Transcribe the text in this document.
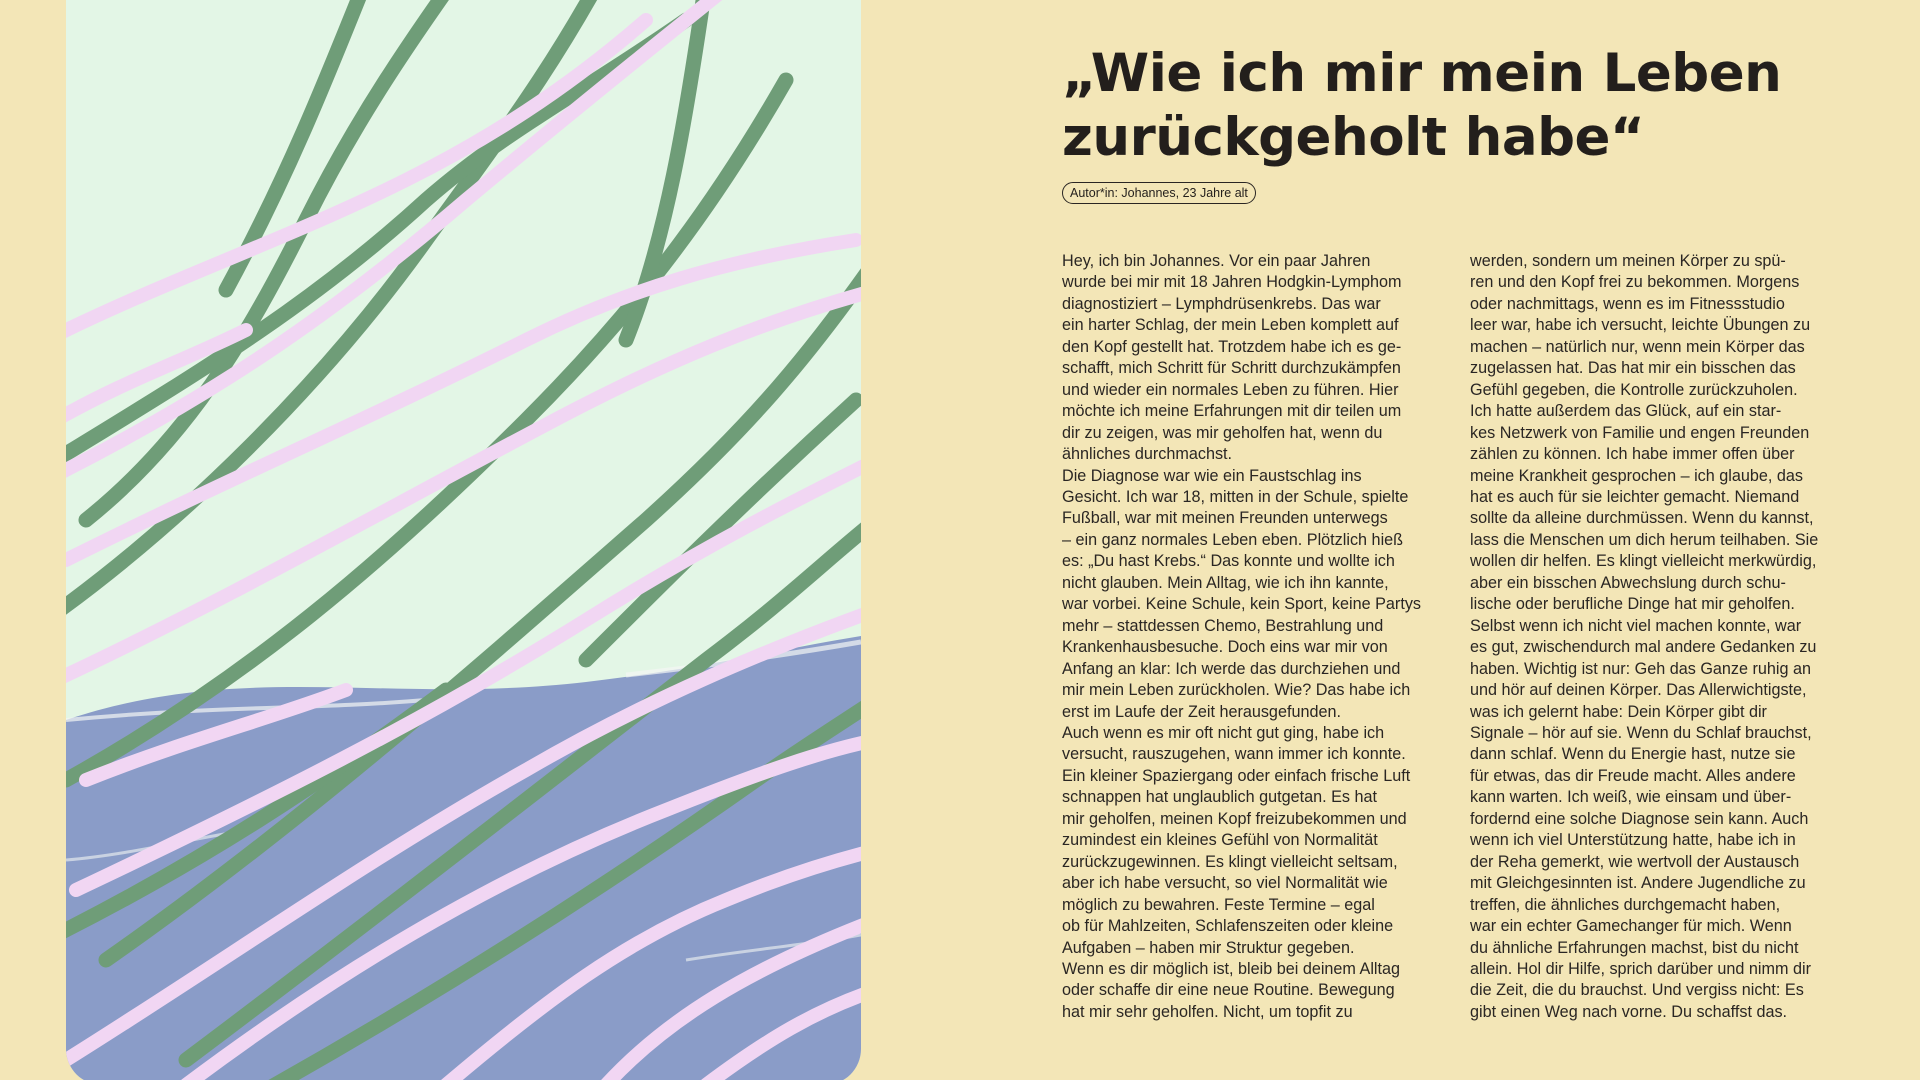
„Wie ich mir mein Leben
zurückgeholt habe“
Autor*in: Johannes, 23 Jahre alt
Hey, ich bin Johannes. Vor ein paar Jahren
wurde bei mir mit 18 Jahren Hodgkin-Lymphom
diagnostiziert – Lymphdrüsenkrebs. Das war
ein harter Schlag, der mein Leben komplett auf
den Kopf gestellt hat. Trotzdem habe ich es ge-
schafft, mich Schritt für Schritt durchzukämpfen
und wieder ein normales Leben zu führen. Hier
möchte ich meine Erfahrungen mit dir teilen um
dir zu zeigen, was mir geholfen hat, wenn du
ähnliches durchmachst.
Die Diagnose war wie ein Faustschlag ins
Gesicht. Ich war 18, mitten in der Schule, spielte
Fußball, war mit meinen Freunden unterwegs
– ein ganz normales Leben eben. Plötzlich hieß
es: „Du hast Krebs.“ Das konnte und wollte ich
nicht glauben. Mein Alltag, wie ich ihn kannte,
war vorbei. Keine Schule, kein Sport, keine Partys
mehr – stattdessen Chemo, Bestrahlung und
Krankenhausbesuche. Doch eins war mir von
Anfang an klar: Ich werde das durchziehen und
mir mein Leben zurückholen. Wie? Das habe ich
erst im Laufe der Zeit herausgefunden.
Auch wenn es mir oft nicht gut ging, habe ich
versucht, rauszugehen, wann immer ich konnte.
Ein kleiner Spaziergang oder einfach frische Luft
schnappen hat unglaublich gutgetan. Es hat
mir geholfen, meinen Kopf freizubekommen und
zumindest ein kleines Gefühl von Normalität
zurückzugewinnen. Es klingt vielleicht seltsam,
aber ich habe versucht, so viel Normalität wie
möglich zu bewahren. Feste Termine – egal
ob für Mahlzeiten, Schlafenszeiten oder kleine
Aufgaben – haben mir Struktur gegeben.
Wenn es dir möglich ist, bleib bei deinem Alltag
oder schaffe dir eine neue Routine. Bewegung
hat mir sehr geholfen. Nicht, um topfit zu
werden, sondern um meinen Körper zu spü-
ren und den Kopf frei zu bekommen. Morgens
oder nachmittags, wenn es im Fitnessstudio
leer war, habe ich versucht, leichte Übungen zu
machen – natürlich nur, wenn mein Körper das
zugelassen hat. Das hat mir ein bisschen das
Gefühl gegeben, die Kontrolle zurückzuholen.
Ich hatte außerdem das Glück, auf ein star-
kes Netzwerk von Familie und engen Freunden
zählen zu können. Ich habe immer offen über
meine Krankheit gesprochen – ich glaube, das
hat es auch für sie leichter gemacht. Niemand
sollte da alleine durchmüssen. Wenn du kannst,
lass die Menschen um dich herum teilhaben. Sie
wollen dir helfen. Es klingt vielleicht merkwürdig,
aber ein bisschen Abwechslung durch schu-
lische oder berufliche Dinge hat mir geholfen.
Selbst wenn ich nicht viel machen konnte, war
es gut, zwischendurch mal andere Gedanken zu
haben. Wichtig ist nur: Geh das Ganze ruhig an
und hör auf deinen Körper. Das Allerwichtigste,
was ich gelernt habe: Dein Körper gibt dir
Signale – hör auf sie. Wenn du Schlaf brauchst,
dann schlaf. Wenn du Energie hast, nutze sie
für etwas, das dir Freude macht. Alles andere
kann warten. Ich weiß, wie einsam und über-
fordernd eine solche Diagnose sein kann. Auch
wenn ich viel Unterstützung hatte, habe ich in
der Reha gemerkt, wie wertvoll der Austausch
mit Gleichgesinnten ist. Andere Jugendliche zu
treffen, die ähnliches durchgemacht haben,
war ein echter Gamechanger für mich. Wenn
du ähnliche Erfahrungen machst, bist du nicht
allein. Hol dir Hilfe, sprich darüber und nimm dir
die Zeit, die du brauchst. Und vergiss nicht: Es
gibt einen Weg nach vorne. Du schaffst das.
